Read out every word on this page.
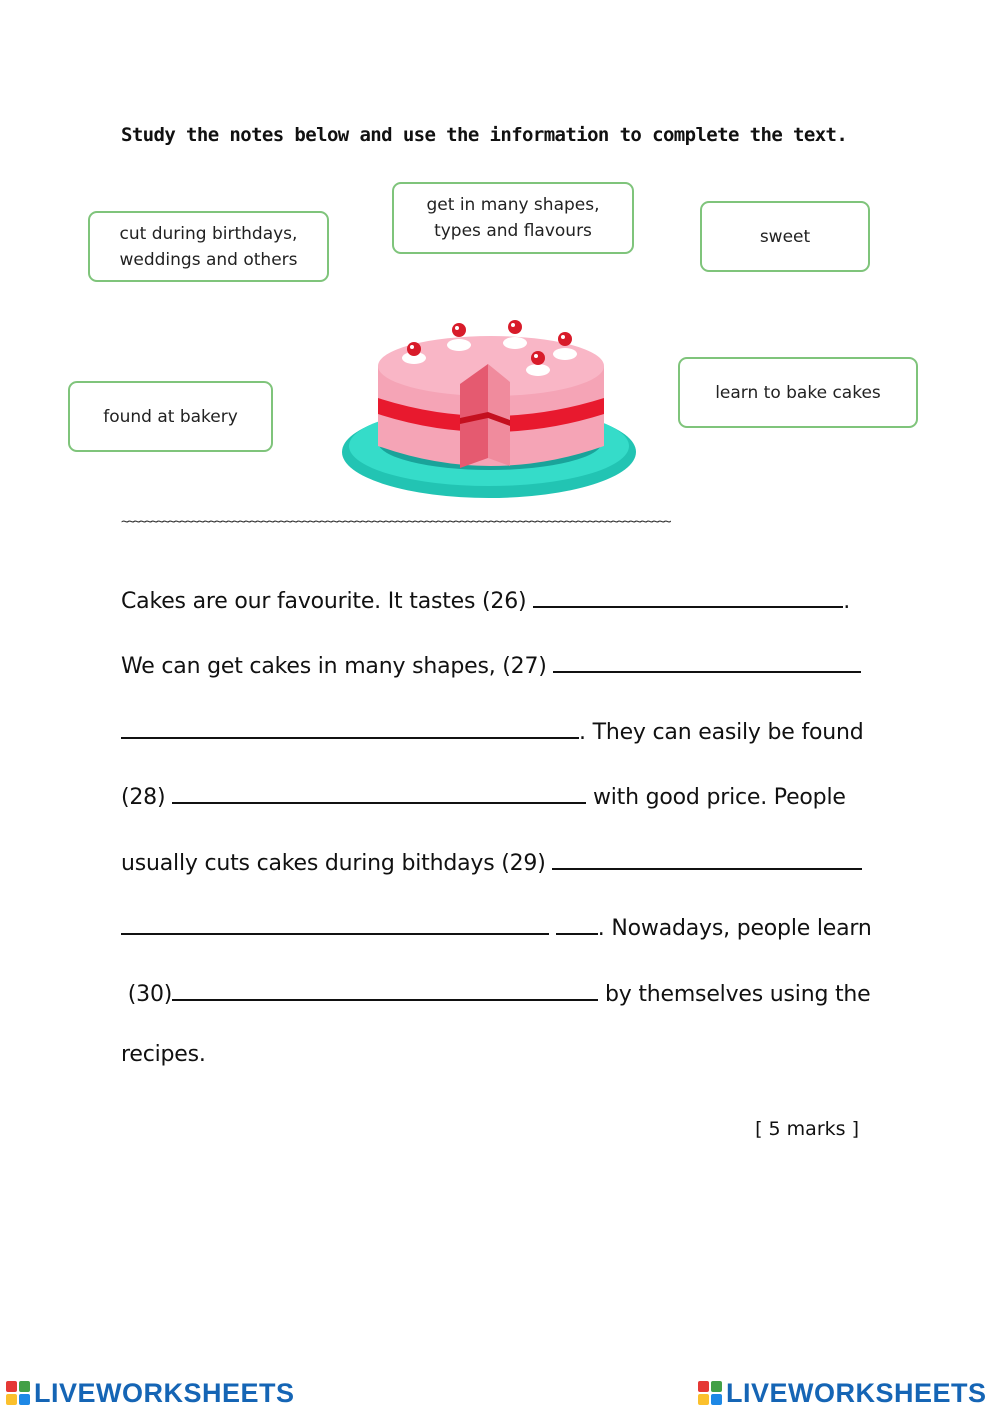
Study the notes below and use the information to complete the text.
cut during birthdays,
weddings and others
get in many shapes,
types and flavours	sweet
found at bakery
learn to bake cakes
~~~~~~~~~~~~~~~~~~~~~~~~~~~~~~~~~~~~~~~~~~~~~~~~~~~~~~~~~~~~~~~~~~~~~~~~~~~~~~~~~~~~~~~~~~~~~~
Cakes are our favourite. It tastes (26)	.
We can get cakes in many shapes, (27)
. They can easily be found
(28)	with good price. People
usually cuts cakes during bithdays (29)
. Nowadays, people learn
(30)	by themselves using the
recipes.
[ 5 marks ]
LIVEWORKSHEETS	LIVEWORKSHEETS
